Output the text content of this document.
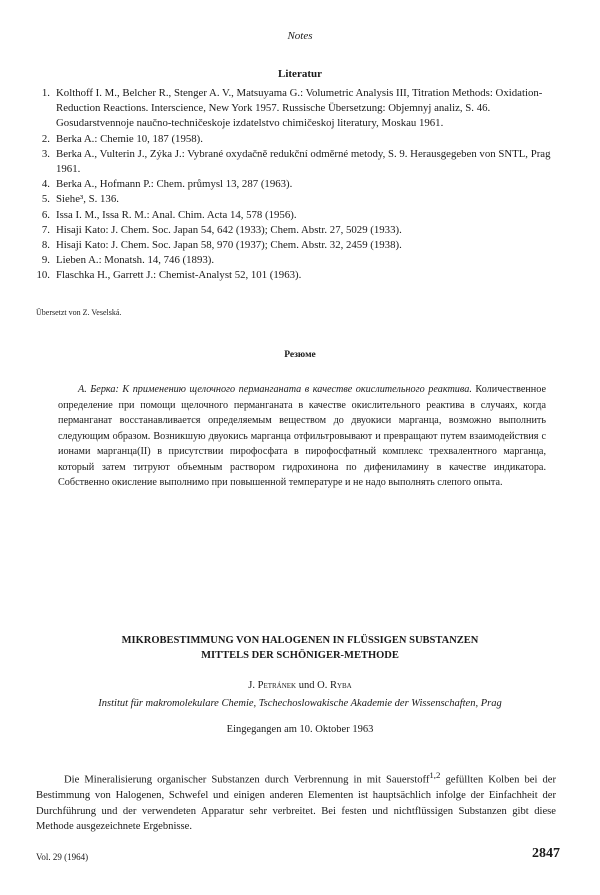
Notes
Literatur
1. Kolthoff I. M., Belcher R., Stenger A. V., Matsuyama G.: Volumetric Analysis III, Titration Methods: Oxidation-Reduction Reactions. Interscience, New York 1957. Russische Übersetzung: Objemnyj analiz, S. 46. Gosudarstvennoje naučno-techničeskoje izdatelstvo chimičeskoj literatury, Moskau 1961.
2. Berka A.: Chemie 10, 187 (1958).
3. Berka A., Vulterin J., Zýka J.: Vybrané oxydačně redukční odměrné metody, S. 9. Herausgegeben von SNTL, Prag 1961.
4. Berka A., Hofmann P.: Chem. průmysl 13, 287 (1963).
5. Siehe³, S. 136.
6. Issa I. M., Issa R. M.: Anal. Chim. Acta 14, 578 (1956).
7. Hisaji Kato: J. Chem. Soc. Japan 54, 642 (1933); Chem. Abstr. 27, 5029 (1933).
8. Hisaji Kato: J. Chem. Soc. Japan 58, 970 (1937); Chem. Abstr. 32, 2459 (1938).
9. Lieben A.: Monatsh. 14, 746 (1893).
10. Flaschka H., Garrett J.: Chemist-Analyst 52, 101 (1963).
Übersetzt von Z. Veselská.
Резюме

А. Берка: К применению щелочного перманганата в качестве окислительного реактива. Количественное определение при помощи щелочного перманганата в качестве окислительного реактива в случаях, когда перманганат восстанавливается определяемым веществом до двуокиси марганца, возможно выполнить следующим образом. Возникшую двуокись марганца отфильтровывают и превращают путем взаимодействия с ионами марганца(II) в присутствии пирофосфата в пирофосфатный комплекс трехвалентного марганца, который затем титруют объемным раствором гидрохинона по дифениламину в качестве индикатора. Собственно окисление выполнимо при повышенной температуре и не надо выполнять слепого опыта.

MIKROBESTIMMUNG VON HALOGENEN IN FLÜSSIGEN SUBSTANZEN
MITTELS DER SCHÖNIGER-METHODE
J. Petránek und O. Ryba
Institut für makromolekulare Chemie, Tschechoslowakische Akademie der Wissenschaften, Prag
Eingegangen am 10. Oktober 1963

Die Mineralisierung organischer Substanzen durch Verbrennung in mit Sauerstoff$^{1,2}$ gefüllten Kolben bei der Bestimmung von Halogenen, Schwefel und einigen anderen Elementen ist hauptsächlich infolge der Einfachheit der Durchführung und der verwendeten Apparatur sehr verbreitet. Bei festen und nichtflüssigen Substanzen gibt diese Methode ausgezeichnete Ergebnisse.

Vol. 29 (1964)	2847
